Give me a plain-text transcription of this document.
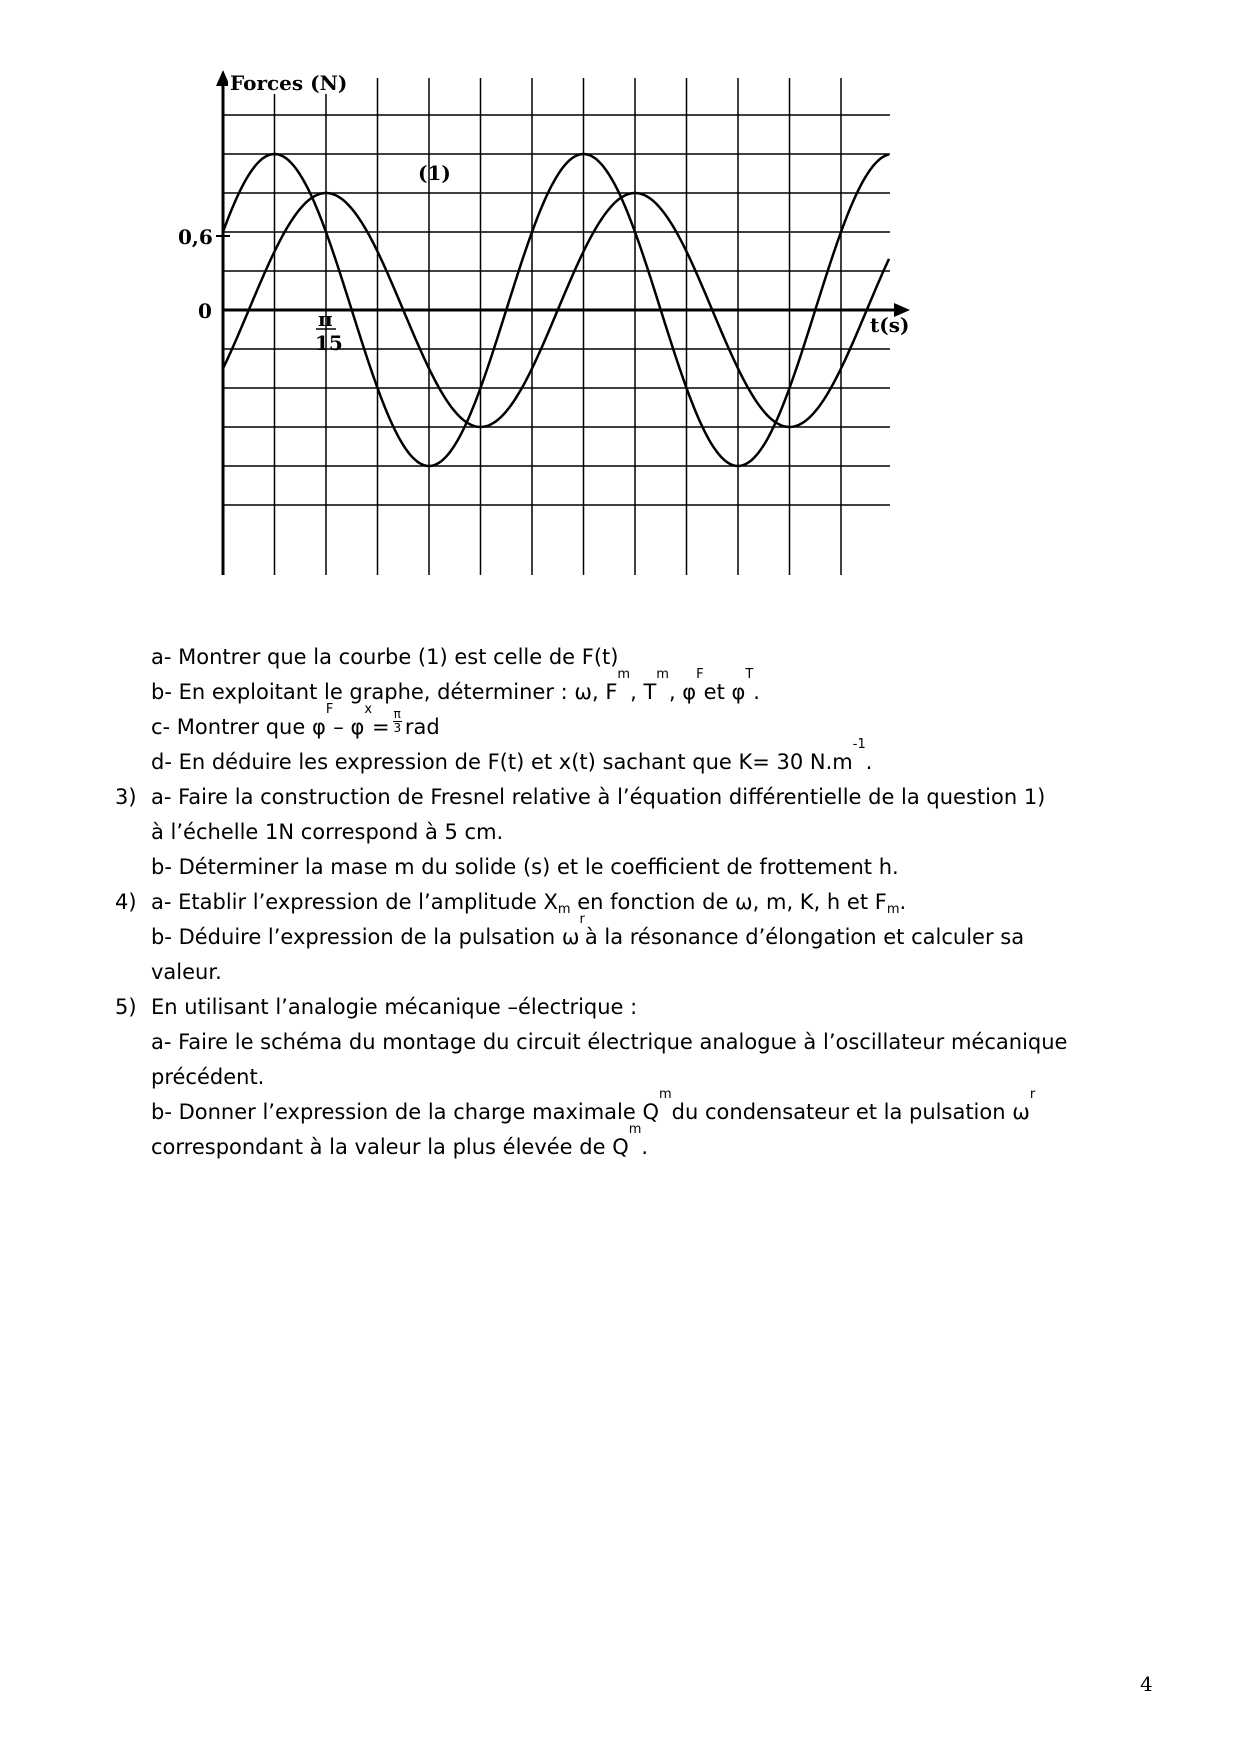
Forces (N)
t(s)
(1)
0,6
0	π
15
a- Montrer que la courbe (1) est celle de F(t)
b- En exploitant le graphe, déterminer : ω, F
m
, T
m
, φ
F
et φ
T
.
c- Montrer que φ
F
– φ
x
= $\frac{\pi}{3}$ rad
d- En déduire les expression de F(t) et x(t) sachant que K= 30 N.m
-1
.
3) a- Faire la construction de Fresnel relative à l’équation différentielle de la question 1)
à l’échelle 1N correspond à 5 cm.
b- Déterminer la mase m du solide (s) et le coefficient de frottement h.
4) a- Etablir l’expression de l’amplitude $X_m$ en fonction de ω, m, K, h et $F_m$.
b- Déduire l’expression de la pulsation ω
r
à la résonance d’élongation et calculer sa
valeur.
5) En utilisant l’analogie mécanique –électrique :
a- Faire le schéma du montage du circuit électrique analogue à l’oscillateur mécanique
précédent.
b- Donner l’expression de la charge maximale Q
m
du condensateur et la pulsation ω
r
correspondant à la valeur la plus élevée de Q
m
.
4
